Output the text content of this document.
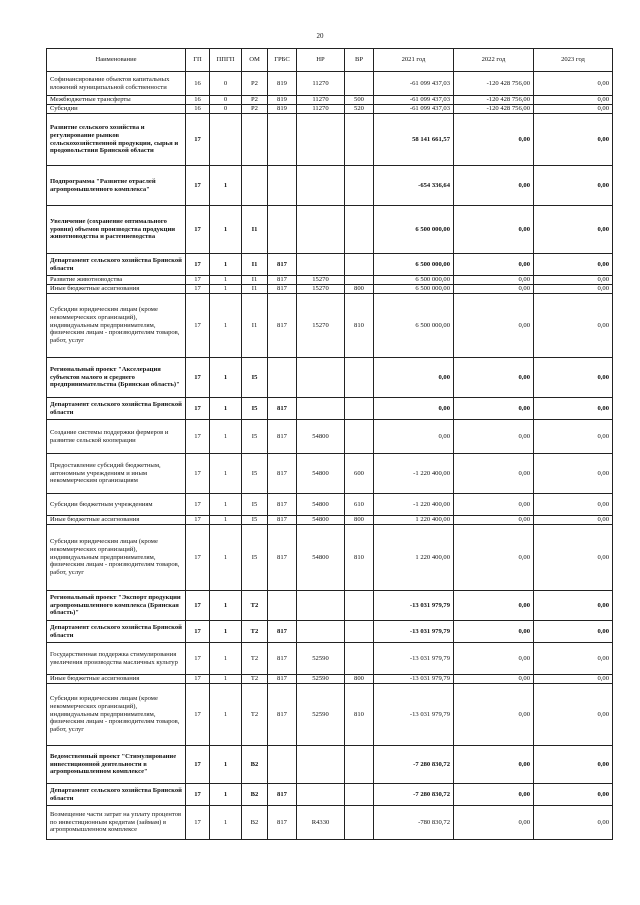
20
Наименование	ГП	ППГП	ОМ	ГРБС	НР	ВР	2021 год	2022 год	2023 год
Софинансирование объектов капитальных вложений муниципальной собственности	16	0	Р2	819	11270		-61 099 437,03	-120 428 756,00	0,00
Межбюджетные трансферты	16	0	Р2	819	11270	500	-61 099 437,03	-120 428 756,00	0,00
Субсидии	16	0	Р2	819	11270	520	-61 099 437,03	-120 428 756,00	0,00
Развитие сельского хозяйства и регулирование рынков сельскохозяйственной продукции, сырья и продовольствия Брянской области	17						58 141 661,57	0,00	0,00
Подпрограмма "Развитие отраслей агропромышленного комплекса"	17	1					-654 336,64	0,00	0,00
Увеличение (сохранение оптимального уровня) объемов производства продукции животноводства и растениеводства	17	1	I1				6 500 000,00	0,00	0,00
Департамент сельского хозяйства Брянской области	17	1	I1	817			6 500 000,00	0,00	0,00
Развитие животноводства	17	1	I1	817	15270		6 500 000,00	0,00	0,00
Иные бюджетные ассигнования	17	1	I1	817	15270	800	6 500 000,00	0,00	0,00
Субсидии юридическим лицам (кроме некоммерческих организаций), индивидуальным предпринимателям, физическим лицам - производителям товаров, работ, услуг	17	1	I1	817	15270	810	6 500 000,00	0,00	0,00
Региональный проект "Акселерация субъектов малого и среднего предпринимательства (Брянская область)"	17	1	I5				0,00	0,00	0,00
Департамент сельского хозяйства Брянской области	17	1	I5	817			0,00	0,00	0,00
Создание системы поддержки фермеров и развитие сельской кооперации	17	1	I5	817	54800		0,00	0,00	0,00
Предоставление субсидий бюджетным, автономным учреждениям и иным некоммерческим организациям	17	1	I5	817	54800	600	-1 220 400,00	0,00	0,00
Субсидии бюджетным учреждениям	17	1	I5	817	54800	610	-1 220 400,00	0,00	0,00
Иные бюджетные ассигнования	17	1	I5	817	54800	800	1 220 400,00	0,00	0,00
Субсидии юридическим лицам (кроме некоммерческих организаций), индивидуальным предпринимателям, физическим лицам - производителям товаров, работ, услуг	17	1	I5	817	54800	810	1 220 400,00	0,00	0,00
Региональный проект "Экспорт продукции агропромышленного комплекса (Брянская область)"	17	1	T2				-13 031 979,79	0,00	0,00
Департамент сельского хозяйства Брянской области	17	1	T2	817			-13 031 979,79	0,00	0,00
Государственная поддержка стимулирования увеличения производства масличных культур	17	1	T2	817	52590		-13 031 979,79	0,00	0,00
Иные бюджетные ассигнования	17	1	T2	817	52590	800	-13 031 979,79	0,00	0,00
Субсидии юридическим лицам (кроме некоммерческих организаций), индивидуальным предпринимателям, физическим лицам - производителям товаров, работ, услуг	17	1	T2	817	52590	810	-13 031 979,79	0,00	0,00
Ведомственный проект "Стимулирование инвестиционной деятельности в агропромышленном комплексе"	17	1	B2				-7 280 830,72	0,00	0,00
Департамент сельского хозяйства Брянской области	17	1	B2	817			-7 280 830,72	0,00	0,00
Возмещение части затрат на уплату процентов по инвестиционным кредитам (займам) в агропромышленном комплексе	17	1	B2	817	R4330		-780 830,72	0,00	0,00
